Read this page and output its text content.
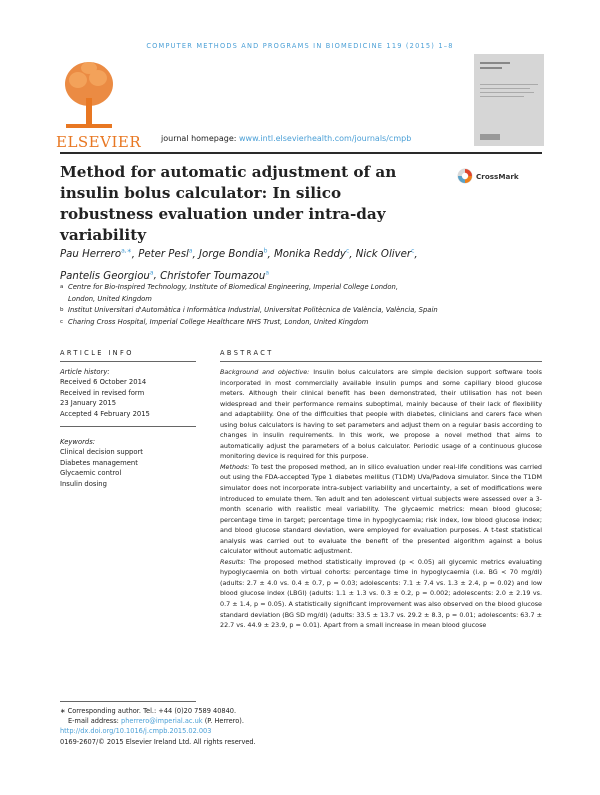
COMPUTER METHODS AND PROGRAMS IN BIOMEDICINE 119 (2015) 1–8
ELSEVIER journal homepage: www.intl.elsevierhealth.com/journals/cmpb
Method for automatic adjustment of an insulin bolus calculator: In silico robustness evaluation under intra-day variability
CrossMark
Pau Herrero$^{a,∗}$, Peter Pesl$^a$, Jorge Bondia$^b$, Monika Reddy$^c$, Nick Oliver$^c$,
Pantelis Georgiou$^a$, Christofer Toumazou$^a$
a Centre for Bio-Inspired Technology, Institute of Biomedical Engineering, Imperial College London,
London, United Kingdom
b Institut Universitari d'Automàtica i Informàtica Industrial, Universitat Politècnica de València, València, Spain
c Charing Cross Hospital, Imperial College Healthcare NHS Trust, London, United Kingdom
ARTICLE INFO	ABSTRACT
Article history:
Received 6 October 2014
Received in revised form
23 January 2015
Accepted 4 February 2015
Keywords:
Clinical decision support
Diabetes management
Glycaemic control
Insulin dosing

Background and objective: Insulin bolus calculators are simple decision support software tools incorporated in most commercially available insulin pumps and some capillary blood glucose meters. Although their clinical benefit has been demonstrated, their utilisation has not been widespread and their performance remains suboptimal, mainly because of their lack of flexibility and adaptability. One of the difficulties that people with diabetes, clinicians and carers face when using bolus calculators is having to set parameters and adjust them on a regular basis according to changes in insulin requirements. In this work, we propose a novel method that aims to automatically adjust the parameters of a bolus calculator. Periodic usage of a continuous glucose monitoring device is required for this purpose.

Methods: To test the proposed method, an in silico evaluation under real-life conditions was carried out using the FDA-accepted Type 1 diabetes mellitus (T1DM) UVa/Padova simulator. Since the T1DM simulator does not incorporate intra-subject variability and uncertainty, a set of modifications were introduced to emulate them. Ten adult and ten adolescent virtual subjects were assessed over a 3-month scenario with realistic meal variability. The glycaemic metrics: mean blood glucose; percentage time in target; percentage time in hypoglycaemia; risk index, low blood glucose index; and blood glucose standard deviation, were employed for evaluation purposes. A t-test statistical analysis was carried out to evaluate the benefit of the presented algorithm against a bolus calculator without automatic adjustment.

Results: The proposed method statistically improved (p < 0.05) all glycemic metrics evaluating hypoglycaemia on both virtual cohorts: percentage time in hypoglycaemia (i.e. BG < 70 mg/dl) (adults: 2.7 ± 4.0 vs. 0.4 ± 0.7, p = 0.03; adolescents: 7.1 ± 7.4 vs. 1.3 ± 2.4, p = 0.02) and low blood glucose index (LBGI) (adults: 1.1 ± 1.3 vs. 0.3 ± 0.2, p = 0.002; adolescents: 2.0 ± 2.19 vs. 0.7 ± 1.4, p = 0.05). A statistically significant improvement was also observed on the blood glucose standard deviation (BG SD mg/dl) (adults: 33.5 ± 13.7 vs. 29.2 ± 8.3, p = 0.01; adolescents: 63.7 ± 22.7 vs. 44.9 ± 23.9, p = 0.01). Apart from a small increase in mean blood glucose

∗ Corresponding author. Tel.: +44 (0)20 7589 40840.
E-mail address: pherrero@imperial.ac.uk (P. Herrero).
http://dx.doi.org/10.1016/j.cmpb.2015.02.003
0169-2607/© 2015 Elsevier Ireland Ltd. All rights reserved.
